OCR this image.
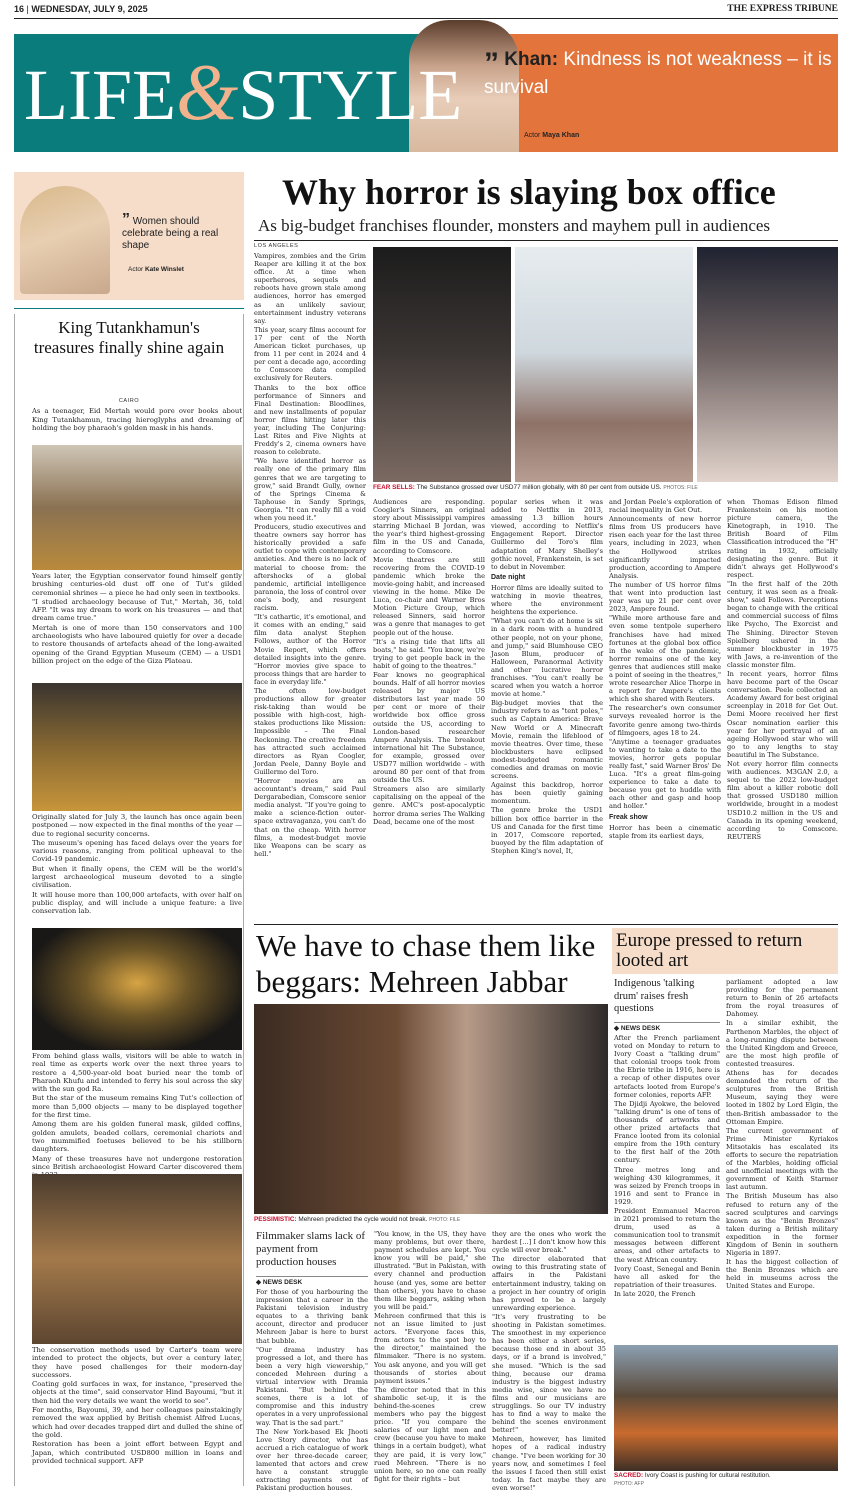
16 | WEDNESDAY, JULY 9, 2025	THE EXPRESS TRIBUNE
LIFE&STYLE ” Khan: Kindness is not weakness – it is survival
Actor Maya Khan
” Women should celebrate being a real shape
Actor Kate Winslet
Why horror is slaying box office
As big-budget franchises flounder, monsters and mayhem pull in audiences
FEAR SELLS: The Substance grossed over USD77 million globally, with 80 per cent from outside US. PHOTOS: FILE
LOS ANGELES

Vampires, zombies and the Grim Reaper are killing it at the box office. At a time when superheroes, sequels and reboots have grown stale among audiences, horror has emerged as an unlikely saviour, entertainment industry veterans say.

This year, scary films account for 17 per cent of the North American ticket purchases, up from 11 per cent in 2024 and 4 per cent a decade ago, according to Comscore data compiled exclusively for Reuters.

Thanks to the box office performance of Sinners and Final Destination: Bloodlines, and new installments of popular horror films hitting later this year, including The Conjuring: Last Rites and Five Nights at Freddy's 2, cinema owners have reason to celebrate.

"We have identified horror as really one of the primary film genres that we are targeting to grow," said Brandt Gully, owner of the Springs Cinema & Taphouse in Sandy Springs, Georgia. "It can really fill a void when you need it."

Producers, studio executives and theatre owners say horror has historically provided a safe outlet to cope with contemporary anxieties. And there is no lack of material to choose from: the aftershocks of a global pandemic, artificial intelligence paranoia, the loss of control over one's body, and resurgent racism.

"It's cathartic, it's emotional, and it comes with an ending," said film data analyst Stephen Follows, author of the Horror Movie Report, which offers detailed insights into the genre. "Horror movies give space to process things that are harder to face in everyday life."

The often low-budget productions allow for greater risk-taking than would be possible with high-cost, high-stakes productions like Mission: Impossible – The Final Reckoning. The creative freedom has attracted such acclaimed directors as Ryan Coogler, Jordan Peele, Danny Boyle and Guillermo del Toro.

"Horror movies are an accountant's dream," said Paul Dergarabedian, Comscore senior media analyst. "If you're going to make a science-fiction outer-space extravaganza, you can't do that on the cheap. With horror films, a modest-budget movie like Weapons can be scary as hell."

Audiences are responding. Coogler's Sinners, an original story about Mississippi vampires starring Michael B Jordan, was the year's third highest-grossing film in the US and Canada, according to Comscore.

Movie theatres are still recovering from the COVID-19 pandemic which broke the movie-going habit, and increased viewing in the home. Mike De Luca, co-chair and Warner Bros Motion Picture Group, which released Sinners, said horror was a genre that manages to get people out of the house.

"It's a rising tide that lifts all boats," he said. "You know, we're trying to get people back in the habit of going to the theatres."

Fear knows no geographical bounds. Half of all horror movies released by major US distributors last year made 50 per cent or more of their worldwide box office gross outside the US, according to London-based researcher Ampere Analysis. The breakout international hit The Substance, for example, grossed over USD77 million worldwide – with around 80 per cent of that from outside the US.

Streamers also are similarly capitalising on the appeal of the genre. AMC's post-apocalyptic horror drama series The Walking Dead, became one of the most

popular series when it was added to Netflix in 2013, amassing 1.3 billion hours viewed, according to Netflix's Engagement Report. Director Guillermo del Toro's film adaptation of Mary Shelley's gothic novel, Frankenstein, is set to debut in November.

Date night

Horror films are ideally suited to watching in movie theatres, where the environment heightens the experience.

"What you can't do at home is sit in a dark room with a hundred other people, not on your phone, and jump," said Blumhouse CEO Jason Blum, producer of Halloween, Paranormal Activity and other lucrative horror franchises. "You can't really be scared when you watch a horror movie at home."

Big-budget movies that the industry refers to as "tent poles," such as Captain America: Brave New World or A Minecraft Movie, remain the lifeblood of movie theatres. Over time, these blockbusters have eclipsed modest-budgeted romantic comedies and dramas on movie screens.

Against this backdrop, horror has been quietly gaining momentum.

The genre broke the USD1 billion box office barrier in the US and Canada for the first time in 2017, Comscore reported, buoyed by the film adaptation of Stephen King's novel, It,

and Jordan Peele's exploration of racial inequality in Get Out.

Announcements of new horror films from US producers have risen each year for the last three years, including in 2023, when the Hollywood strikes significantly impacted production, according to Ampere Analysis.

The number of US horror films that went into production last year was up 21 per cent over 2023, Ampere found.

"While more arthouse fare and even some tentpole superhero franchises have had mixed fortunes at the global box office in the wake of the pandemic, horror remains one of the key genres that audiences still make a point of seeing in the theatres," wrote researcher Alice Thorpe in a report for Ampere's clients which she shared with Reuters.

The researcher's own consumer surveys revealed horror is the favorite genre among two-thirds of filmgoers, ages 18 to 24.

"Anytime a teenager graduates to wanting to take a date to the movies, horror gets popular really fast," said Warner Bros' De Luca. "It's a great film-going experience to take a date to because you get to huddle with each other and gasp and hoop and holler."

Freak show

Horror has been a cinematic staple from its earliest days,

when Thomas Edison filmed Frankenstein on his motion picture camera, the Kinetograph, in 1910. The British Board of Film Classification introduced the "H" rating in 1932, officially designating the genre. But it didn't always get Hollywood's respect.

"In the first half of the 20th century, it was seen as a freak-show," said Follows. Perceptions began to change with the critical and commercial success of films like Psycho, The Exorcist and The Shining. Director Steven Spielberg ushered in the summer blockbuster in 1975 with Jaws, a re-invention of the classic monster film.

In recent years, horror films have become part of the Oscar conversation. Peele collected an Academy Award for best original screenplay in 2018 for Get Out. Demi Moore received her first Oscar nomination earlier this year for her portrayal of an ageing Hollywood star who will go to any lengths to stay beautiful in The Substance.

Not every horror film connects with audiences. M3GAN 2.0, a sequel to the 2022 low-budget film about a killer robotic doll that grossed USD180 million worldwide, brought in a modest USD10.2 million in the US and Canada in its opening weekend, according to Comscore. REUTERS

King Tutankhamun's treasures finally shine again
CAIRO
As a teenager, Eid Mertah would pore over books about King Tutankhamun, tracing hieroglyphs and dreaming of holding the boy pharaoh's golden mask in his hands.

Years later, the Egyptian conservator found himself gently brushing centuries-old dust off one of Tut's gilded ceremonial shrines — a piece he had only seen in textbooks.

"I studied archaeology because of Tut," Mertah, 36, told AFP. "It was my dream to work on his treasures — and that dream came true."

Mertah is one of more than 150 conservators and 100 archaeologists who have laboured quietly for over a decade to restore thousands of artefacts ahead of the long-awaited opening of the Grand Egyptian Museum (CEM) — a USD1 billion project on the edge of the Giza Plateau.

Originally slated for July 3, the launch has once again been postponed — now expected in the final months of the year — due to regional security concerns.

The museum's opening has faced delays over the years for various reasons, ranging from political upheaval to the Covid-19 pandemic.

But when it finally opens, the CEM will be the world's largest archaeological museum devoted to a single civilisation.

It will house more than 100,000 artefacts, with over half on public display, and will include a unique feature: a live conservation lab.

From behind glass walls, visitors will be able to watch in real time as experts work over the next three years to restore a 4,500-year-old boat buried near the tomb of Pharaoh Khufu and intended to ferry his soul across the sky with the sun god Ra.

But the star of the museum remains King Tut's collection of more than 5,000 objects — many to be displayed together for the first time.

Among them are his golden funeral mask, gilded coffins, golden amulets, beaded collars, ceremonial chariots and two mummified foetuses believed to be his stillborn daughters.

Many of these treasures have not undergone restoration since British archaeologist Howard Carter discovered them

The conservation methods used by Carter's team were intended to protect the objects, but over a century later, they have posed challenges for their modern-day successors.

Coating gold surfaces in wax, for instance, "preserved the objects at the time", said conservator Hind Bayoumi, "but it then hid the very details we want the world to see".

For months, Bayoumi, 39, and her colleagues painstakingly removed the wax applied by British chemist Alfred Lucas, which had over decades trapped dirt and dulled the shine of the gold.

Restoration has been a joint effort between Egypt and Japan, which contributed USD800 million in loans and provided technical support. AFP

We have to chase them like beggars: Mehreen Jabbar
PESSIMISTIC: Mehreen predicted the cycle would not break. PHOTO: FILE
Filmmaker slams lack of payment from production houses
◆ NEWS DESK

For those of you harbouring the impression that a career in the Pakistani television industry equates to a thriving bank account, director and producer Mehreen Jabar is here to burst that bubble.

"Our drama industry has progressed a lot, and there has been a very high viewership," conceded Mehreen during a virtual interview with Dramia Pakistani. "But behind the scenes, there is a lot of compromise and this industry operates in a very unprofessional way. That is the sad part."

The New York-based Ek Jhooti Love Story director, who has accrued a rich catalogue of work over her three-decade career, lamented that actors and crew have a constant struggle extracting payments out of Pakistani production houses.

"You know, in the US, they have many problems, but over there, payment schedules are kept. You know you will be paid," she illustrated. "But in Pakistan, with every channel and production house (and yes, some are better than others), you have to chase them like beggars, asking when you will be paid."

Mehreen confirmed that this is not an issue limited to just actors. "Everyone faces this, from actors to the spot boy to the director," maintained the filmmaker. "There is no system. You ask anyone, and you will get thousands of stories about payment issues."

The director noted that in this shambolic set-up, it is the behind-the-scenes crew members who pay the biggest price. "If you compare the salaries of our light men and crew (because you have to make things in a certain budget), what they are paid, it is very low," rued Mehreen. "There is no union here, so no one can really fight for their rights – but

they are the ones who work the hardest [...] I don't know how this cycle will ever break."

The director elaborated that owing to this frustrating state of affairs in the Pakistani entertainment industry, taking on a project in her country of origin has proved to be a largely unrewarding experience.

"It's very frustrating to be shooting in Pakistan sometimes. The smoothest in my experience has been either a short series, because those end in about 35 days, or if a brand is involved," she mused. "Which is the sad thing, because our drama industry is the biggest industry media wise, since we have no films and our musicians are strugglings. So our TV industry has to find a way to make the behind the scenes environment better!"

Mehreen, however, has limited hopes of a radical industry change. "I've been working for 30 years now, and sometimes I feel the issues I faced then still exist today. In fact maybe they are even worse!"

Europe pressed to return looted art
Indigenous 'talking drum' raises fresh questions
◆ NEWS DESK

After the French parliament voted on Monday to return to Ivory Coast a "talking drum" that colonial troops took from the Ebrie tribe in 1916, here is a recap of other disputes over artefacts looted from Europe's former colonies, reports AFP.

The Djidji Ayokwe, the beloved "talking drum" is one of tens of thousands of artworks and other prized artefacts that France looted from its colonial empire from the 19th century to the first half of the 20th century.

Three metres long and weighing 430 kilogrammes, it was seized by French troops in 1916 and sent to France in 1929.

President Emmanuel Macron in 2021 promised to return the drum, used as a communication tool to transmit messages between different areas, and other artefacts to the west African country.

Ivory Coast, Senegal and Benin have all asked for the repatriation of their treasures.

In late 2020, the French

parliament adopted a law providing for the permanent return to Benin of 26 artefacts from the royal treasures of Dahomey.

In a similar exhibit, the Parthenon Marbles, the object of a long-running dispute between the United Kingdom and Greece, are the most high profile of contested treasures.

Athens has for decades demanded the return of the sculptures from the British Museum, saying they were looted in 1802 by Lord Elgin, the then-British ambassador to the Ottoman Empire.

The current government of Prime Minister Kyriakos Mitsotakis has escalated its efforts to secure the repatriation of the Marbles, holding official and unofficial meetings with the government of Keith Starmer last autumn.

The British Museum has also refused to return any of the sacred sculptures and carvings known as the "Benin Bronzes" taken during a British military expedition in the former Kingdom of Benin in southern Nigeria in 1897.

It has the biggest collection of the Benin Bronzes which are held in museums across the United States and Europe.

SACRED: Ivory Coast is pushing for cultural restitution.
PHOTO: AFP
